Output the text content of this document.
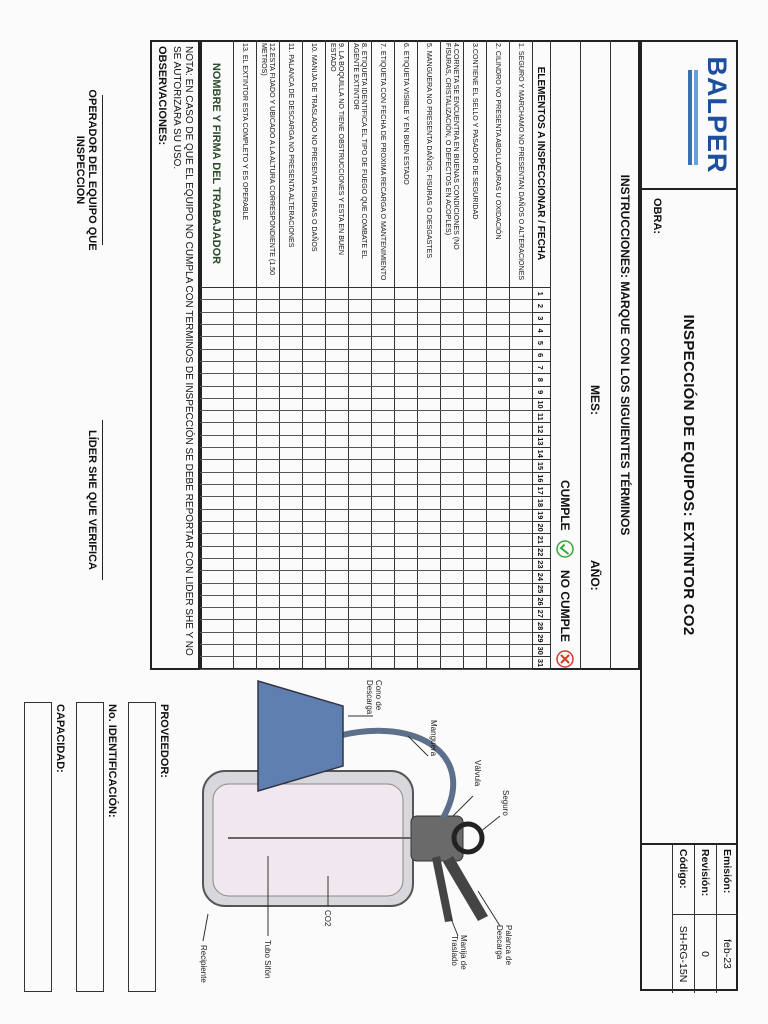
BALPER
INSPECCIÓN DE EQUIPOS: EXTINTOR CO2
OBRA:
Emisión:
feb-23
Revisión:
0
Código:
SH-RG-15N
INSTRUCCIONES: MARQUE CON LOS SIGUIENTES TÉRMINOS
MES:
AÑO:
CUMPLE
NO CUMPLE
ELEMENTOS A INSPECCIONAR / FECHA
1
2
3
4
5
6
7
8
9
10
11
12
13
14
15
16
17
18
19
20
21
22
23
24
25
26
27
28
29
30
31
1. SEGURO Y MARCHAMO NO PRESENTAN DAÑOS O ALTERACIONES
2. CILINDRO NO PRESENTA ABOLLADURAS U OXIDACIÓN
3.CONTIENE EL SELLO Y PASADOR DE SEGURIDAD
4.CORNETA SE ENCUENTRA EN BUENAS CONDICIONES (NO FISURAS, CRISTALIZACIÓN, O DEFECTOS EN ACOPLES)
5. MANGUERA NO PRESENTA DAÑOS, FISURAS O DESGASTES
6. ETIQUETA VISIBLE Y EN BUEN ESTADO
7. ETIQUETA CON FECHA DE PROXIMA RECARGA O MANTENIMIENTO
8. ETIQUETA IDENTIFICA EL TIPO DE FUEGO QUE COMBATE EL AGENTE EXTINTOR
9. LA BOQUILLA NO TIENE OBSTRUCCIONES Y ESTA EN BUEN ESTADO
10. MANIJA DE TRASLADO NO PRESENTA FISURAS O DAÑOS
11. PALANCA DE DESCARGA NO PRESENTA ALTERACIONES
12.ESTA FIJADO Y UBICADO A LA ALTURA CORRESPONDIENTE (1.50 METROS)
13. EL EXTINTOR ESTA COMPLETO Y ES OPERABLE
NOMBRE Y FIRMA DEL TRABAJADOR
NOTA: EN CASO DE QUE EL EQUIPO NO CUMPLA CON TERMINOS DE INSPECCIÓN SE DEBE REPORTAR CON LIDER SHE Y NO SE AUTORIZARA SU USO.
OBSERVACIONES:
OPERADOR DEL EQUIPO QUE INSPECCION
LÍDER SHE QUE VERIFICA
Seguro
Válvula
Manguera
Cono de Descarga
Palanca de Descarga
Manija de Traslado
CO2
Tubo Sifón
Recipiente
PROVEEDOR:
No. IDENTIFICACIÓN:
CAPACIDAD:
